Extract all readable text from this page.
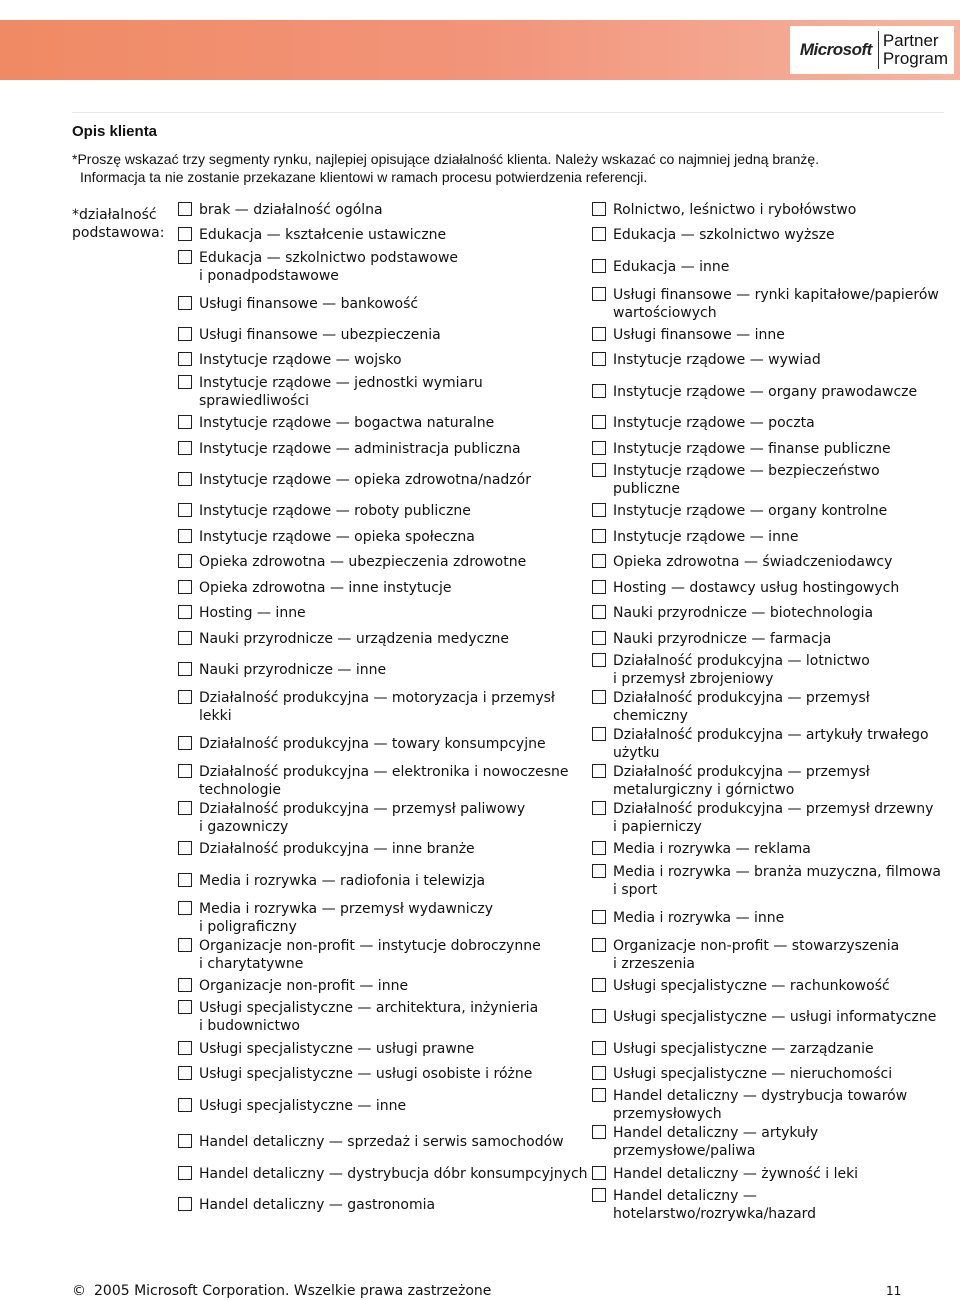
Microsoft Partner
Program
Opis klienta
*Proszę wskazać trzy segmenty rynku, najlepiej opisujące działalność klienta. Należy wskazać co najmniej jedną branżę.
Informacja ta nie zostanie przekazane klientowi w ramach procesu potwierdzenia referencji.
*działalność
podstawowa:
brak — działalność ogólna
Edukacja — kształcenie ustawiczne
Edukacja — szkolnictwo podstawowe
i ponadpodstawowe
Usługi finansowe — bankowość
Usługi finansowe — ubezpieczenia
Instytucje rządowe — wojsko
Instytucje rządowe — jednostki wymiaru
sprawiedliwości
Instytucje rządowe — bogactwa naturalne
Instytucje rządowe — administracja publiczna
Instytucje rządowe — opieka zdrowotna/nadzór
Instytucje rządowe — roboty publiczne
Instytucje rządowe — opieka społeczna
Opieka zdrowotna — ubezpieczenia zdrowotne
Opieka zdrowotna — inne instytucje
Hosting — inne
Nauki przyrodnicze — urządzenia medyczne
Nauki przyrodnicze — inne
Działalność produkcyjna — motoryzacja i przemysł
lekki
Działalność produkcyjna — towary konsumpcyjne
Działalność produkcyjna — elektronika i nowoczesne
technologie
Działalność produkcyjna — przemysł paliwowy
i gazowniczy
Działalność produkcyjna — inne branże
Media i rozrywka — radiofonia i telewizja
Media i rozrywka — przemysł wydawniczy
i poligraficzny
Organizacje non-profit — instytucje dobroczynne
i charytatywne
Organizacje non-profit — inne
Usługi specjalistyczne — architektura, inżynieria
i budownictwo
Usługi specjalistyczne — usługi prawne
Usługi specjalistyczne — usługi osobiste i różne
Usługi specjalistyczne — inne
Handel detaliczny — sprzedaż i serwis samochodów
Handel detaliczny — dystrybucja dóbr konsumpcyjnych
Handel detaliczny — gastronomia
Rolnictwo, leśnictwo i rybołówstwo
Edukacja — szkolnictwo wyższe
Edukacja — inne
Usługi finansowe — rynki kapitałowe/papierów
wartościowych
Usługi finansowe — inne
Instytucje rządowe — wywiad
Instytucje rządowe — organy prawodawcze
Instytucje rządowe — poczta
Instytucje rządowe — finanse publiczne
Instytucje rządowe — bezpieczeństwo
publiczne
Instytucje rządowe — organy kontrolne
Instytucje rządowe — inne
Opieka zdrowotna — świadczeniodawcy
Hosting — dostawcy usług hostingowych
Nauki przyrodnicze — biotechnologia
Nauki przyrodnicze — farmacja
Działalność produkcyjna — lotnictwo
i przemysł zbrojeniowy
Działalność produkcyjna — przemysł
chemiczny
Działalność produkcyjna — artykuły trwałego
użytku
Działalność produkcyjna — przemysł
metalurgiczny i górnictwo
Działalność produkcyjna — przemysł drzewny
i papierniczy
Media i rozrywka — reklama
Media i rozrywka — branża muzyczna, filmowa
i sport
Media i rozrywka — inne
Organizacje non-profit — stowarzyszenia
i zrzeszenia
Usługi specjalistyczne — rachunkowość
Usługi specjalistyczne — usługi informatyczne
Usługi specjalistyczne — zarządzanie
Usługi specjalistyczne — nieruchomości
Handel detaliczny — dystrybucja towarów
przemysłowych
Handel detaliczny — artykuły
przemysłowe/paliwa
Handel detaliczny — żywność i leki
Handel detaliczny —
hotelarstwo/rozrywka/hazard
© 2005 Microsoft Corporation. Wszelkie prawa zastrzeżone	11
